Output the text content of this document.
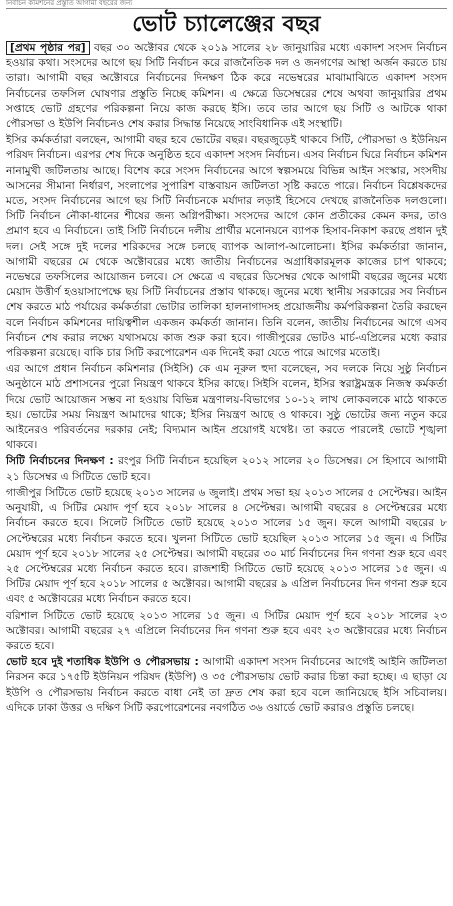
নির্বাচন কমিশনের প্রস্তুতি আগামী বছরের জন্য
ভোট চ্যালেঞ্জের বছর

[প্রথম পৃষ্ঠার পর] বছর ৩০ অক্টোবর থেকে ২০১৯ সালের ২৮ জানুয়ারির মধ্যে একাদশ সংসদ নির্বাচন হওয়ার কথা। সংসদের আগে ছয় সিটি নির্বাচন করে রাজনৈতিক দল ও জনগণের আস্থা অর্জন করতে চায় তারা। আগামী বছর অক্টোবরে নির্বাচনের দিনক্ষণ ঠিক করে নভেম্বরের মাঝামাঝিতে একাদশ সংসদ নির্বাচনের তফসিল ঘোষণার প্রস্তুতি নিচ্ছে কমিশন। এ ক্ষেত্রে ডিসেম্বরের শেষে অথবা জানুয়ারির প্রথম সপ্তাহে ভোট গ্রহণের পরিকল্পনা নিয়ে কাজ করছে ইসি। তবে তার আগে ছয় সিটি ও আটকে থাকা পৌরসভা ও ইউপি নির্বাচনও শেষ করার সিদ্ধান্ত নিয়েছে সাংবিধানিক এই সংস্থাটি।

ইসির কর্মকর্তারা বলছেন, আগামী বছর হবে ভোটের বছর। বছরজুড়েই থাকবে সিটি, পৌরসভা ও ইউনিয়ন পরিষদ নির্বাচন। এরপর শেষ দিকে অনুষ্ঠিত হবে একাদশ সংসদ নির্বাচন। এসব নির্বাচন ঘিরে নির্বাচন কমিশন নানামুখী জটিলতায় আছে। বিশেষ করে সংসদ নির্বাচনের আগে স্বল্পসময়ে বিভিন্ন আইন সংস্কার, সংসদীয় আসনের সীমানা নির্ধারণ, সংলাপের সুপারিশ বাস্তবায়ন জটিলতা সৃষ্টি করতে পারে। নির্বাচন বিশ্লেষকদের মতে, সংসদ নির্বাচনের আগে ছয় সিটি নির্বাচনকে মর্যাদার লড়াই হিসেবে দেখছে রাজনৈতিক দলগুলো। সিটি নির্বাচন নৌকা-ধানের শীষের জন্য অগ্নিপরীক্ষা। সংসদের আগে কোন প্রতীকের কেমন কদর, তাও প্রমাণ হবে এ নির্বাচনে। তাই সিটি নির্বাচনে দলীয় প্রার্থীর মনোনয়নে ব্যাপক হিসাব-নিকাশ করছে প্রধান দুই দল। সেই সঙ্গে দুই দলের শরিকদের সঙ্গে চলছে ব্যাপক আলাপ-আলোচনা। ইসির কর্মকর্তারা জানান, আগামী বছরের মে থেকে অক্টোবরের মধ্যে জাতীয় নির্বাচনের অগ্রাধিকারমূলক কাজের চাপ থাকবে; নভেম্বরে তফসিলের আয়োজন চলবে। সে ক্ষেত্রে এ বছরের ডিসেম্বর থেকে আগামী বছরের জুনের মধ্যে মেয়াদ উত্তীর্ণ হওয়াসাপেক্ষে ছয় সিটি নির্বাচনের প্রস্তাব থাকছে। জুনের মধ্যে স্থানীয় সরকারের সব নির্বাচন শেষ করতে মাঠ পর্যায়ের কর্মকর্তারা ভোটার তালিকা হালনাগাদসহ প্রয়োজনীয় কর্মপরিকল্পনা তৈরি করছেন বলে নির্বাচন কমিশনের দায়িত্বশীল একজন কর্মকর্তা জানান। তিনি বলেন, জাতীয় নির্বাচনের আগে এসব নির্বাচন শেষ করার লক্ষ্যে যথাসময়ে কাজ শুরু করা হবে। গাজীপুরের ভোটও মার্চ-এপ্রিলের মধ্যে করার পরিকল্পনা রয়েছে। বাকি চার সিটি করপোরেশন এক দিনেই করা যেতে পারে আগের মতোই।

এর আগে প্রধান নির্বাচন কমিশনার (সিইসি) কে এম নূরুল হুদা বলেছেন, সব দলকে নিয়ে সুষ্ঠু নির্বাচন অনুষ্ঠানে মাঠ প্রশাসনের পুরো নিয়ন্ত্রণ থাকবে ইসির কাছে। সিইসি বলেন, ইসির স্বরাষ্ট্রমন্ত্রক নিজস্ব কর্মকর্তা দিয়ে ভোট আয়োজন সম্ভব না হওয়ায় বিভিন্ন মন্ত্রণালয়-বিভাগের ১০-১২ লাখ লোকবলকে মাঠে থাকতে হয়। ভোটের সময় নিয়ন্ত্রণ আমাদের থাকে; ইসির নিয়ন্ত্রণ আছে ও থাকবে। সুষ্ঠু ভোটের জন্য নতুন করে আইনেরও পরিবর্তনের দরকার নেই; বিদ্যমান আইন প্রয়োগই যথেষ্ট। তা করতে পারলেই ভোটে শৃঙ্খলা থাকবে।

সিটি নির্বাচনের দিনক্ষণ : রংপুর সিটি নির্বাচন হয়েছিল ২০১২ সালের ২০ ডিসেম্বর। সে হিসাবে আগামী ২১ ডিসেম্বর এ সিটিতে ভোট হবে।

গাজীপুর সিটিতে ভোট হয়েছে ২০১৩ সালের ৬ জুলাই। প্রথম সভা হয় ২০১৩ সালের ৫ সেপ্টেম্বর। আইন অনুযায়ী, এ সিটির মেয়াদ পূর্ণ হবে ২০১৮ সালের ৪ সেপ্টেম্বর। আগামী বছরের ৪ সেপ্টেম্বরের মধ্যে নির্বাচন করতে হবে। সিলেট সিটিতে ভোট হয়েছে ২০১৩ সালের ১৫ জুন। ফলে আগামী বছরের ৮ সেপ্টেম্বরের মধ্যে নির্বাচন করতে হবে। খুলনা সিটিতে ভোট হয়েছিল ২০১৩ সালের ১৫ জুন। এ সিটির মেয়াদ পূর্ণ হবে ২০১৮ সালের ২৫ সেপ্টেম্বর। আগামী বছরের ৩০ মার্চ নির্বাচনের দিন গণনা শুরু হবে এবং ২৫ সেপ্টেম্বরের মধ্যে নির্বাচন করতে হবে। রাজশাহী সিটিতে ভোট হয়েছে ২০১৩ সালের ১৫ জুন। এ সিটির মেয়াদ পূর্ণ হবে ২০১৮ সালের ৫ অক্টোবর। আগামী বছরের ৯ এপ্রিল নির্বাচনের দিন গণনা শুরু হবে এবং ৫ অক্টোবরের মধ্যে নির্বাচন করতে হবে।

বরিশাল সিটিতে ভোট হয়েছে ২০১৩ সালের ১৫ জুন। এ সিটির মেয়াদ পূর্ণ হবে ২০১৮ সালের ২৩ অক্টোবর। আগামী বছরের ২৭ এপ্রিলে নির্বাচনের দিন গণনা শুরু হবে এবং ২৩ অক্টোবরের মধ্যে নির্বাচন করতে হবে।

ভোট হবে দুই শতাধিক ইউপি ও পৌরসভায় : আগামী একাদশ সংসদ নির্বাচনের আগেই আইনি জটিলতা নিরসন করে ১৭৫টি ইউনিয়ন পরিষদ (ইউপি) ও ৩৫ পৌরসভায় ভোট করার চিন্তা করা হচ্ছে। এ ছাড়া যে ইউপি ও পৌরসভায় নির্বাচন করতে বাধা নেই তা দ্রুত শেষ করা হবে বলে জানিয়েছে ইসি সচিবালয়। এদিকে ঢাকা উত্তর ও দক্ষিণ সিটি করপোরেশনের নবগঠিত ৩৬ ওয়ার্ডে ভোট করারও প্রস্তুতি চলছে।
